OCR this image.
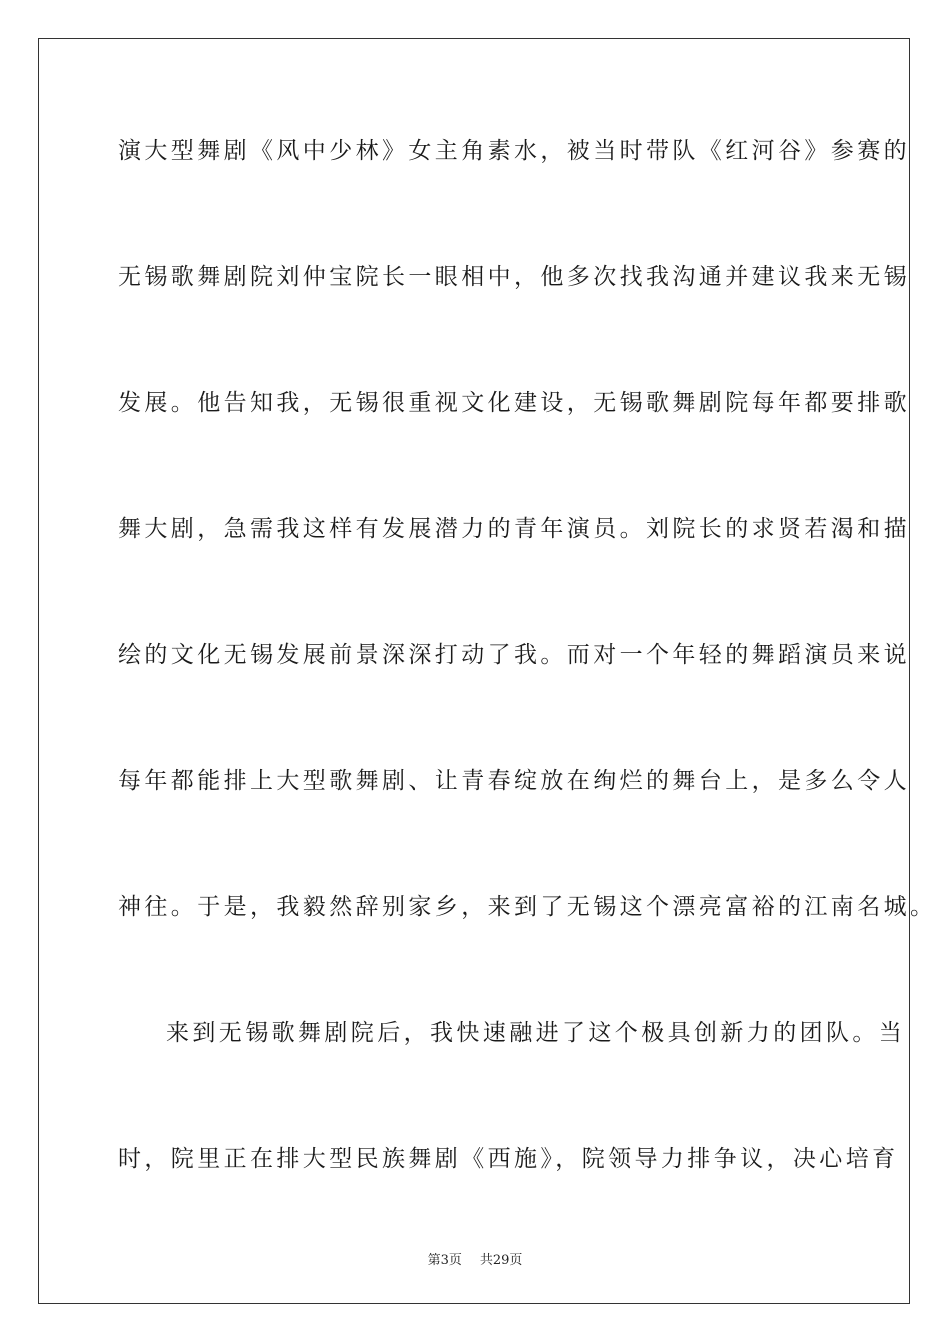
演大型舞剧《风中少林》女主角素水，被当时带队《红河谷》参赛的
无锡歌舞剧院刘仲宝院长一眼相中，他多次找我沟通并建议我来无锡
发展。他告知我，无锡很重视文化建设，无锡歌舞剧院每年都要排歌
舞大剧，急需我这样有发展潜力的青年演员。刘院长的求贤若渴和描
绘的文化无锡发展前景深深打动了我。而对一个年轻的舞蹈演员来说
每年都能排上大型歌舞剧、让青春绽放在绚烂的舞台上，是多么令人
神往。于是，我毅然辞别家乡，来到了无锡这个漂亮富裕的江南名城。
来到无锡歌舞剧院后，我快速融进了这个极具创新力的团队。当
时，院里正在排大型民族舞剧《西施》，院领导力排争议，决心培育
第3页 共29页
